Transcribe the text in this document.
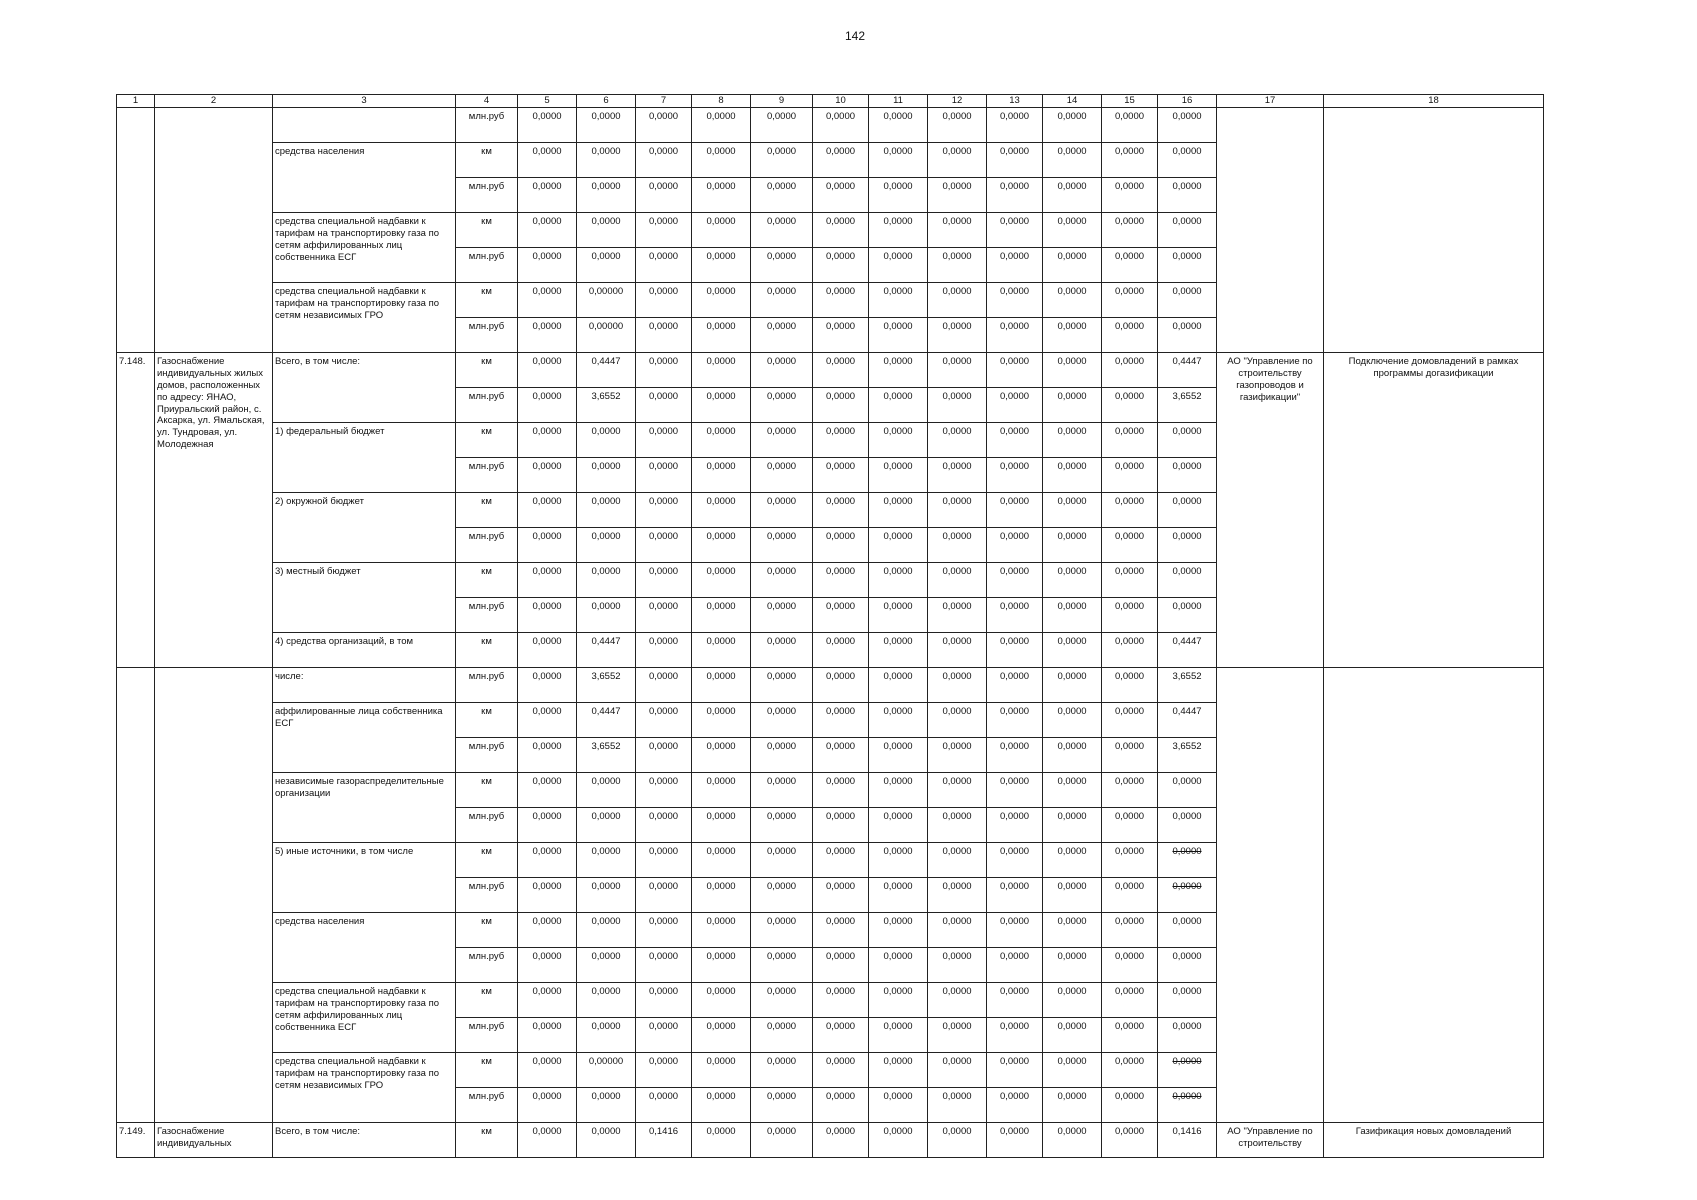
142
1	2	3	4	5	6	7	8	9	10	11	12	13	14	15	16	17	18
			млн.руб	0,0000	0,0000	0,0000	0,0000	0,0000	0,0000	0,0000	0,0000	0,0000	0,0000	0,0000	0,0000		
		средства населения	км	0,0000	0,0000	0,0000	0,0000	0,0000	0,0000	0,0000	0,0000	0,0000	0,0000	0,0000	0,0000		
			млн.руб	0,0000	0,0000	0,0000	0,0000	0,0000	0,0000	0,0000	0,0000	0,0000	0,0000	0,0000	0,0000		
		средства специальной надбавки к тарифам на транспортировку газа по сетям аффилированных лиц собственника ЕСГ	км	0,0000	0,0000	0,0000	0,0000	0,0000	0,0000	0,0000	0,0000	0,0000	0,0000	0,0000	0,0000		
			млн.руб	0,0000	0,0000	0,0000	0,0000	0,0000	0,0000	0,0000	0,0000	0,0000	0,0000	0,0000	0,0000		
		средства специальной надбавки к тарифам на транспортировку газа по сетям независимых ГРО	км	0,0000	0,00000	0,0000	0,0000	0,0000	0,0000	0,0000	0,0000	0,0000	0,0000	0,0000	0,0000		
			млн.руб	0,0000	0,00000	0,0000	0,0000	0,0000	0,0000	0,0000	0,0000	0,0000	0,0000	0,0000	0,0000		
7.148.	Газоснабжение индивидуальных жилых домов, расположенных по адресу: ЯНАО, Приуральский район, с. Аксарка, ул. Ямальская, ул. Тундровая, ул. Молодежная	Всего, в том числе:	км	0,0000	0,4447	0,0000	0,0000	0,0000	0,0000	0,0000	0,0000	0,0000	0,0000	0,0000	0,4447	АО "Управление по строительству газопроводов и газификации"	Подключение домовладений в рамках программы догазификации
			млн.руб	0,0000	3,6552	0,0000	0,0000	0,0000	0,0000	0,0000	0,0000	0,0000	0,0000	0,0000	3,6552		
		1) федеральный бюджет	км	0,0000	0,0000	0,0000	0,0000	0,0000	0,0000	0,0000	0,0000	0,0000	0,0000	0,0000	0,0000		
			млн.руб	0,0000	0,0000	0,0000	0,0000	0,0000	0,0000	0,0000	0,0000	0,0000	0,0000	0,0000	0,0000		
		2) окружной бюджет	км	0,0000	0,0000	0,0000	0,0000	0,0000	0,0000	0,0000	0,0000	0,0000	0,0000	0,0000	0,0000		
			млн.руб	0,0000	0,0000	0,0000	0,0000	0,0000	0,0000	0,0000	0,0000	0,0000	0,0000	0,0000	0,0000		
		3) местный бюджет	км	0,0000	0,0000	0,0000	0,0000	0,0000	0,0000	0,0000	0,0000	0,0000	0,0000	0,0000	0,0000		
			млн.руб	0,0000	0,0000	0,0000	0,0000	0,0000	0,0000	0,0000	0,0000	0,0000	0,0000	0,0000	0,0000		
		4) средства организаций, в том	км	0,0000	0,4447	0,0000	0,0000	0,0000	0,0000	0,0000	0,0000	0,0000	0,0000	0,0000	0,4447		
		числе:	млн.руб	0,0000	3,6552	0,0000	0,0000	0,0000	0,0000	0,0000	0,0000	0,0000	0,0000	0,0000	3,6552		
		аффилированные лица собственника ЕСГ	км	0,0000	0,4447	0,0000	0,0000	0,0000	0,0000	0,0000	0,0000	0,0000	0,0000	0,0000	0,4447		
			млн.руб	0,0000	3,6552	0,0000	0,0000	0,0000	0,0000	0,0000	0,0000	0,0000	0,0000	0,0000	3,6552		
		независимые газораспределительные организации	км	0,0000	0,0000	0,0000	0,0000	0,0000	0,0000	0,0000	0,0000	0,0000	0,0000	0,0000	0,0000		
			млн.руб	0,0000	0,0000	0,0000	0,0000	0,0000	0,0000	0,0000	0,0000	0,0000	0,0000	0,0000	0,0000		
		5) иные источники, в том числе	км	0,0000	0,0000	0,0000	0,0000	0,0000	0,0000	0,0000	0,0000	0,0000	0,0000	0,0000	0,0000		
			млн.руб	0,0000	0,0000	0,0000	0,0000	0,0000	0,0000	0,0000	0,0000	0,0000	0,0000	0,0000	0,0000		
		средства населения	км	0,0000	0,0000	0,0000	0,0000	0,0000	0,0000	0,0000	0,0000	0,0000	0,0000	0,0000	0,0000		
			млн.руб	0,0000	0,0000	0,0000	0,0000	0,0000	0,0000	0,0000	0,0000	0,0000	0,0000	0,0000	0,0000		
		средства специальной надбавки к тарифам на транспортировку газа по сетям аффилированных лиц собственника ЕСГ	км	0,0000	0,0000	0,0000	0,0000	0,0000	0,0000	0,0000	0,0000	0,0000	0,0000	0,0000	0,0000		
			млн.руб	0,0000	0,0000	0,0000	0,0000	0,0000	0,0000	0,0000	0,0000	0,0000	0,0000	0,0000	0,0000		
		средства специальной надбавки к тарифам на транспортировку газа по сетям независимых ГРО	км	0,0000	0,00000	0,0000	0,0000	0,0000	0,0000	0,0000	0,0000	0,0000	0,0000	0,0000	0,0000		
			млн.руб	0,0000	0,0000	0,0000	0,0000	0,0000	0,0000	0,0000	0,0000	0,0000	0,0000	0,0000	0,0000		
7.149.	Газоснабжение индивидуальных	Всего, в том числе:	км	0,0000	0,0000	0,1416	0,0000	0,0000	0,0000	0,0000	0,0000	0,0000	0,0000	0,0000	0,1416	АО "Управление по строительству	Газификация новых домовладений
